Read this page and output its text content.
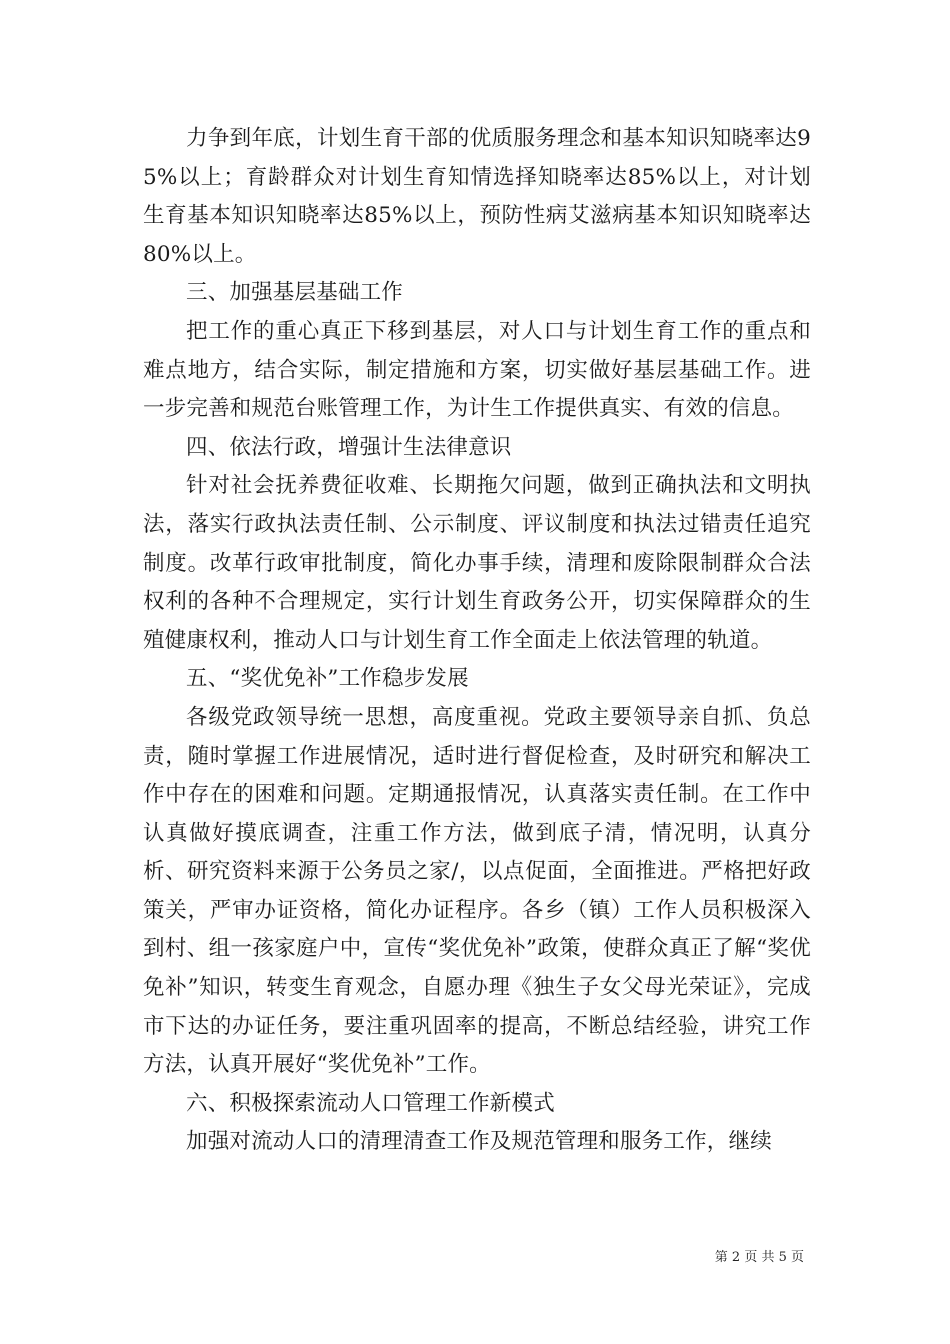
力争到年底，计划生育干部的优质服务理念和基本知识知晓率达95%以上；育龄群众对计划生育知情选择知晓率达85%以上，对计划生育基本知识知晓率达85%以上，预防性病艾滋病基本知识知晓率达80%以上。

三、加强基层基础工作

把工作的重心真正下移到基层，对人口与计划生育工作的重点和难点地方，结合实际，制定措施和方案，切实做好基层基础工作。进一步完善和规范台账管理工作，为计生工作提供真实、有效的信息。

四、依法行政，增强计生法律意识

针对社会抚养费征收难、长期拖欠问题，做到正确执法和文明执法，落实行政执法责任制、公示制度、评议制度和执法过错责任追究制度。改革行政审批制度，简化办事手续，清理和废除限制群众合法权利的各种不合理规定，实行计划生育政务公开，切实保障群众的生殖健康权利，推动人口与计划生育工作全面走上依法管理的轨道。

五、“奖优免补”工作稳步发展

各级党政领导统一思想，高度重视。党政主要领导亲自抓、负总责，随时掌握工作进展情况，适时进行督促检查，及时研究和解决工作中存在的困难和问题。定期通报情况，认真落实责任制。在工作中认真做好摸底调查，注重工作方法，做到底子清，情况明，认真分析、研究资料来源于公务员之家/，以点促面，全面推进。严格把好政策关，严审办证资格，简化办证程序。各乡（镇）工作人员积极深入到村、组一孩家庭户中，宣传“奖优免补”政策，使群众真正了解“奖优免补”知识，转变生育观念，自愿办理《独生子女父母光荣证》，完成市下达的办证任务，要注重巩固率的提高，不断总结经验，讲究工作方法，认真开展好“奖优免补”工作。

六、积极探索流动人口管理工作新模式

加强对流动人口的清理清查工作及规范管理和服务工作，继续

第 2 页 共 5 页
